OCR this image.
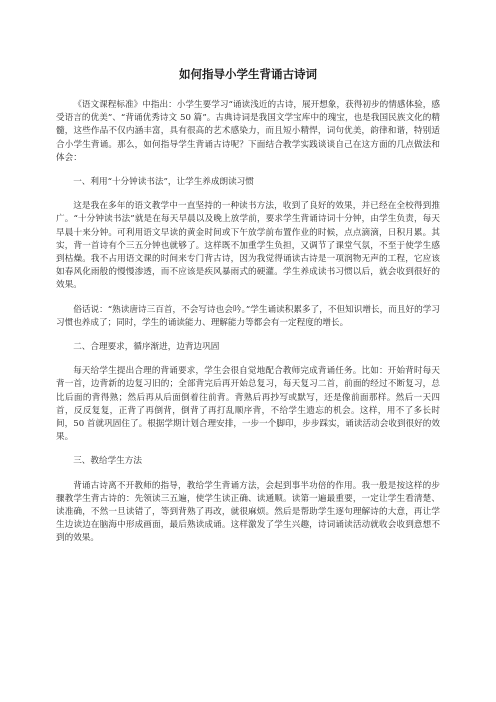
如何指导小学生背诵古诗词

《语文课程标准》中指出：小学生要学习“诵读浅近的古诗，展开想象，获得初步的情感体验，感受语言的优美”、“背诵优秀诗文 50 篇”。古典诗词是我国文学宝库中的瑰宝，也是我国民族文化的精髓，这些作品不仅内涵丰富，具有很高的艺术感染力，而且短小精悍，词句优美，韵律和谐，特别适合小学生背诵。那么，如何指导学生背诵古诗呢？下面结合教学实践谈谈自己在这方面的几点做法和体会：

一、利用“十分钟读书法”，让学生养成朗读习惯

这是我在多年的语文教学中一直坚持的一种读书方法，收到了良好的效果，并已经在全校得到推广。“十分钟读书法”就是在每天早晨以及晚上放学前，要求学生背诵诗词十分钟，由学生负责，每天早晨十来分钟。可利用语文早读的黄金时间或下午放学前布置作业的时候，点点滴滴，日积月累。其实，背一首诗有个三五分钟也就够了。这样既不加重学生负担，又调节了课堂气氛，不至于使学生感到枯燥。我不占用语文课的时间来专门背古诗，因为我觉得诵读古诗是一项润物无声的工程，它应该如春风化雨般的慢慢渗透，而不应该是疾风暴雨式的硬灌。学生养成读书习惯以后，就会收到很好的效果。

俗话说：“熟读唐诗三百首，不会写诗也会吟。”学生诵读积累多了，不但知识增长，而且好的学习习惯也养成了；同时，学生的诵读能力、理解能力等都会有一定程度的增长。

二、合理要求，循序渐进，边背边巩固

每天给学生提出合理的背诵要求，学生会很自觉地配合教师完成背诵任务。比如：开始背时每天背一首，边背新的边复习旧的；全部背完后再开始总复习，每天复习二首，前面的经过不断复习，总比后面的背得熟；然后再从后面倒着往前背。背熟后再抄写或默写，还是像前面那样。然后一天四首，反反复复，正背了再倒背，倒背了再打乱顺序背，不给学生遗忘的机会。这样，用不了多长时间，50 首就巩固住了。根据学期计划合理安排，一步一个脚印，步步踩实，诵读活动会收到很好的效果。

三、教给学生方法

背诵古诗离不开教师的指导，教给学生背诵方法，会起到事半功倍的作用。我一般是按这样的步骤教学生背古诗的：先领读三五遍，使学生读正确、读通顺。读第一遍最重要，一定让学生看清楚、读准确，不然一旦读错了，等到背熟了再改，就很麻烦。然后是帮助学生逐句理解诗的大意，再让学生边读边在脑海中形成画面，最后熟读成诵。这样激发了学生兴趣，诗词诵读活动就收会收到意想不到的效果。
